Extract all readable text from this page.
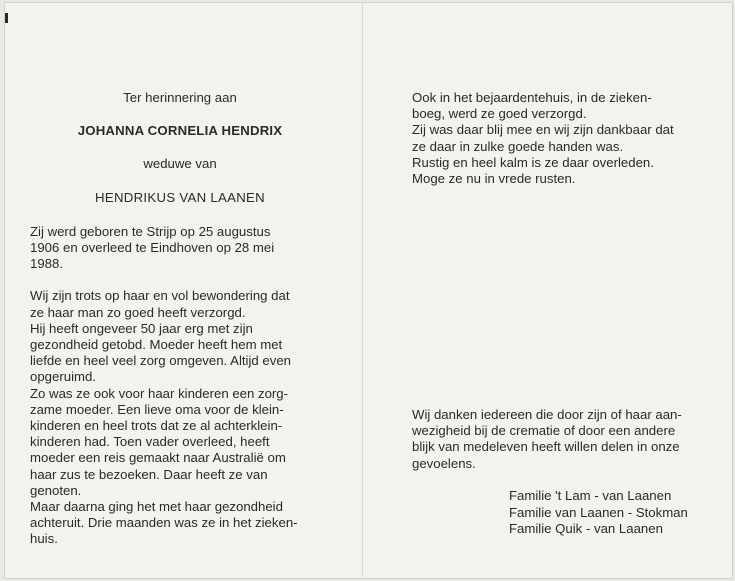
Ter herinnering aan

JOHANNA CORNELIA HENDRIX

weduwe van

HENDRIKUS VAN LAANEN

Zij werd geboren te Strijp op 25 augustus
1906 en overleed te Eindhoven op 28 mei
1988.
Wij zijn trots op haar en vol bewondering dat
ze haar man zo goed heeft verzorgd.
Hij heeft ongeveer 50 jaar erg met zijn
gezondheid getobd. Moeder heeft hem met
liefde en heel veel zorg omgeven. Altijd even
opgeruimd.
Zo was ze ook voor haar kinderen een zorg-
zame moeder. Een lieve oma voor de klein-
kinderen en heel trots dat ze al achterklein-
kinderen had. Toen vader overleed, heeft
moeder een reis gemaakt naar Australië om
haar zus te bezoeken. Daar heeft ze van
genoten.
Maar daarna ging het met haar gezondheid
achteruit. Drie maanden was ze in het zieken-
huis.
Ook in het bejaardentehuis, in de zieken-
boeg, werd ze goed verzorgd.
Zij was daar blij mee en wij zijn dankbaar dat
ze daar in zulke goede handen was.
Rustig en heel kalm is ze daar overleden.
Moge ze nu in vrede rusten.
Wij danken iedereen die door zijn of haar aan-
wezigheid bij de crematie of door een andere
blijk van medeleven heeft willen delen in onze
gevoelens.
Familie 't Lam - van Laanen
Familie van Laanen - Stokman
Familie Quik - van Laanen
